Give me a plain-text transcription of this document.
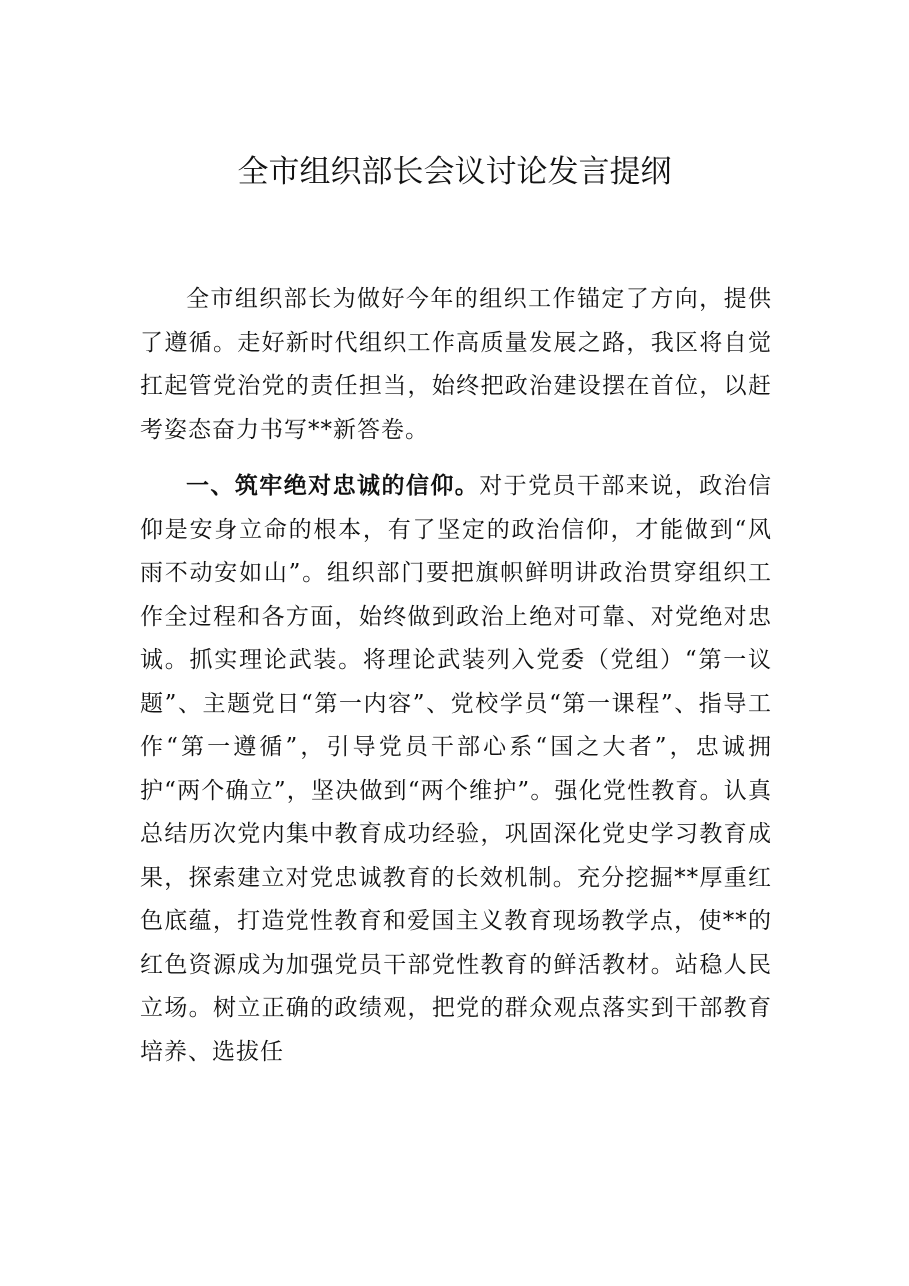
全市组织部长会议讨论发言提纲

全市组织部长为做好今年的组织工作锚定了方向，提供了遵循。走好新时代组织工作高质量发展之路，我区将自觉扛起管党治党的责任担当，始终把政治建设摆在首位，以赶考姿态奋力书写**新答卷。

一、筑牢绝对忠诚的信仰。对于党员干部来说，政治信仰是安身立命的根本，有了坚定的政治信仰，才能做到“风雨不动安如山”。组织部门要把旗帜鲜明讲政治贯穿组织工作全过程和各方面，始终做到政治上绝对可靠、对党绝对忠诚。抓实理论武装。将理论武装列入党委（党组）“第一议题”、主题党日“第一内容”、党校学员“第一课程”、指导工作“第一遵循”，引导党员干部心系“国之大者”，忠诚拥护“两个确立”，坚决做到“两个维护”。强化党性教育。认真总结历次党内集中教育成功经验，巩固深化党史学习教育成果，探索建立对党忠诚教育的长效机制。充分挖掘**厚重红色底蕴，打造党性教育和爱国主义教育现场教学点，使**的红色资源成为加强党员干部党性教育的鲜活教材。站稳人民立场。树立正确的政绩观，把党的群众观点落实到干部教育培养、选拔任
